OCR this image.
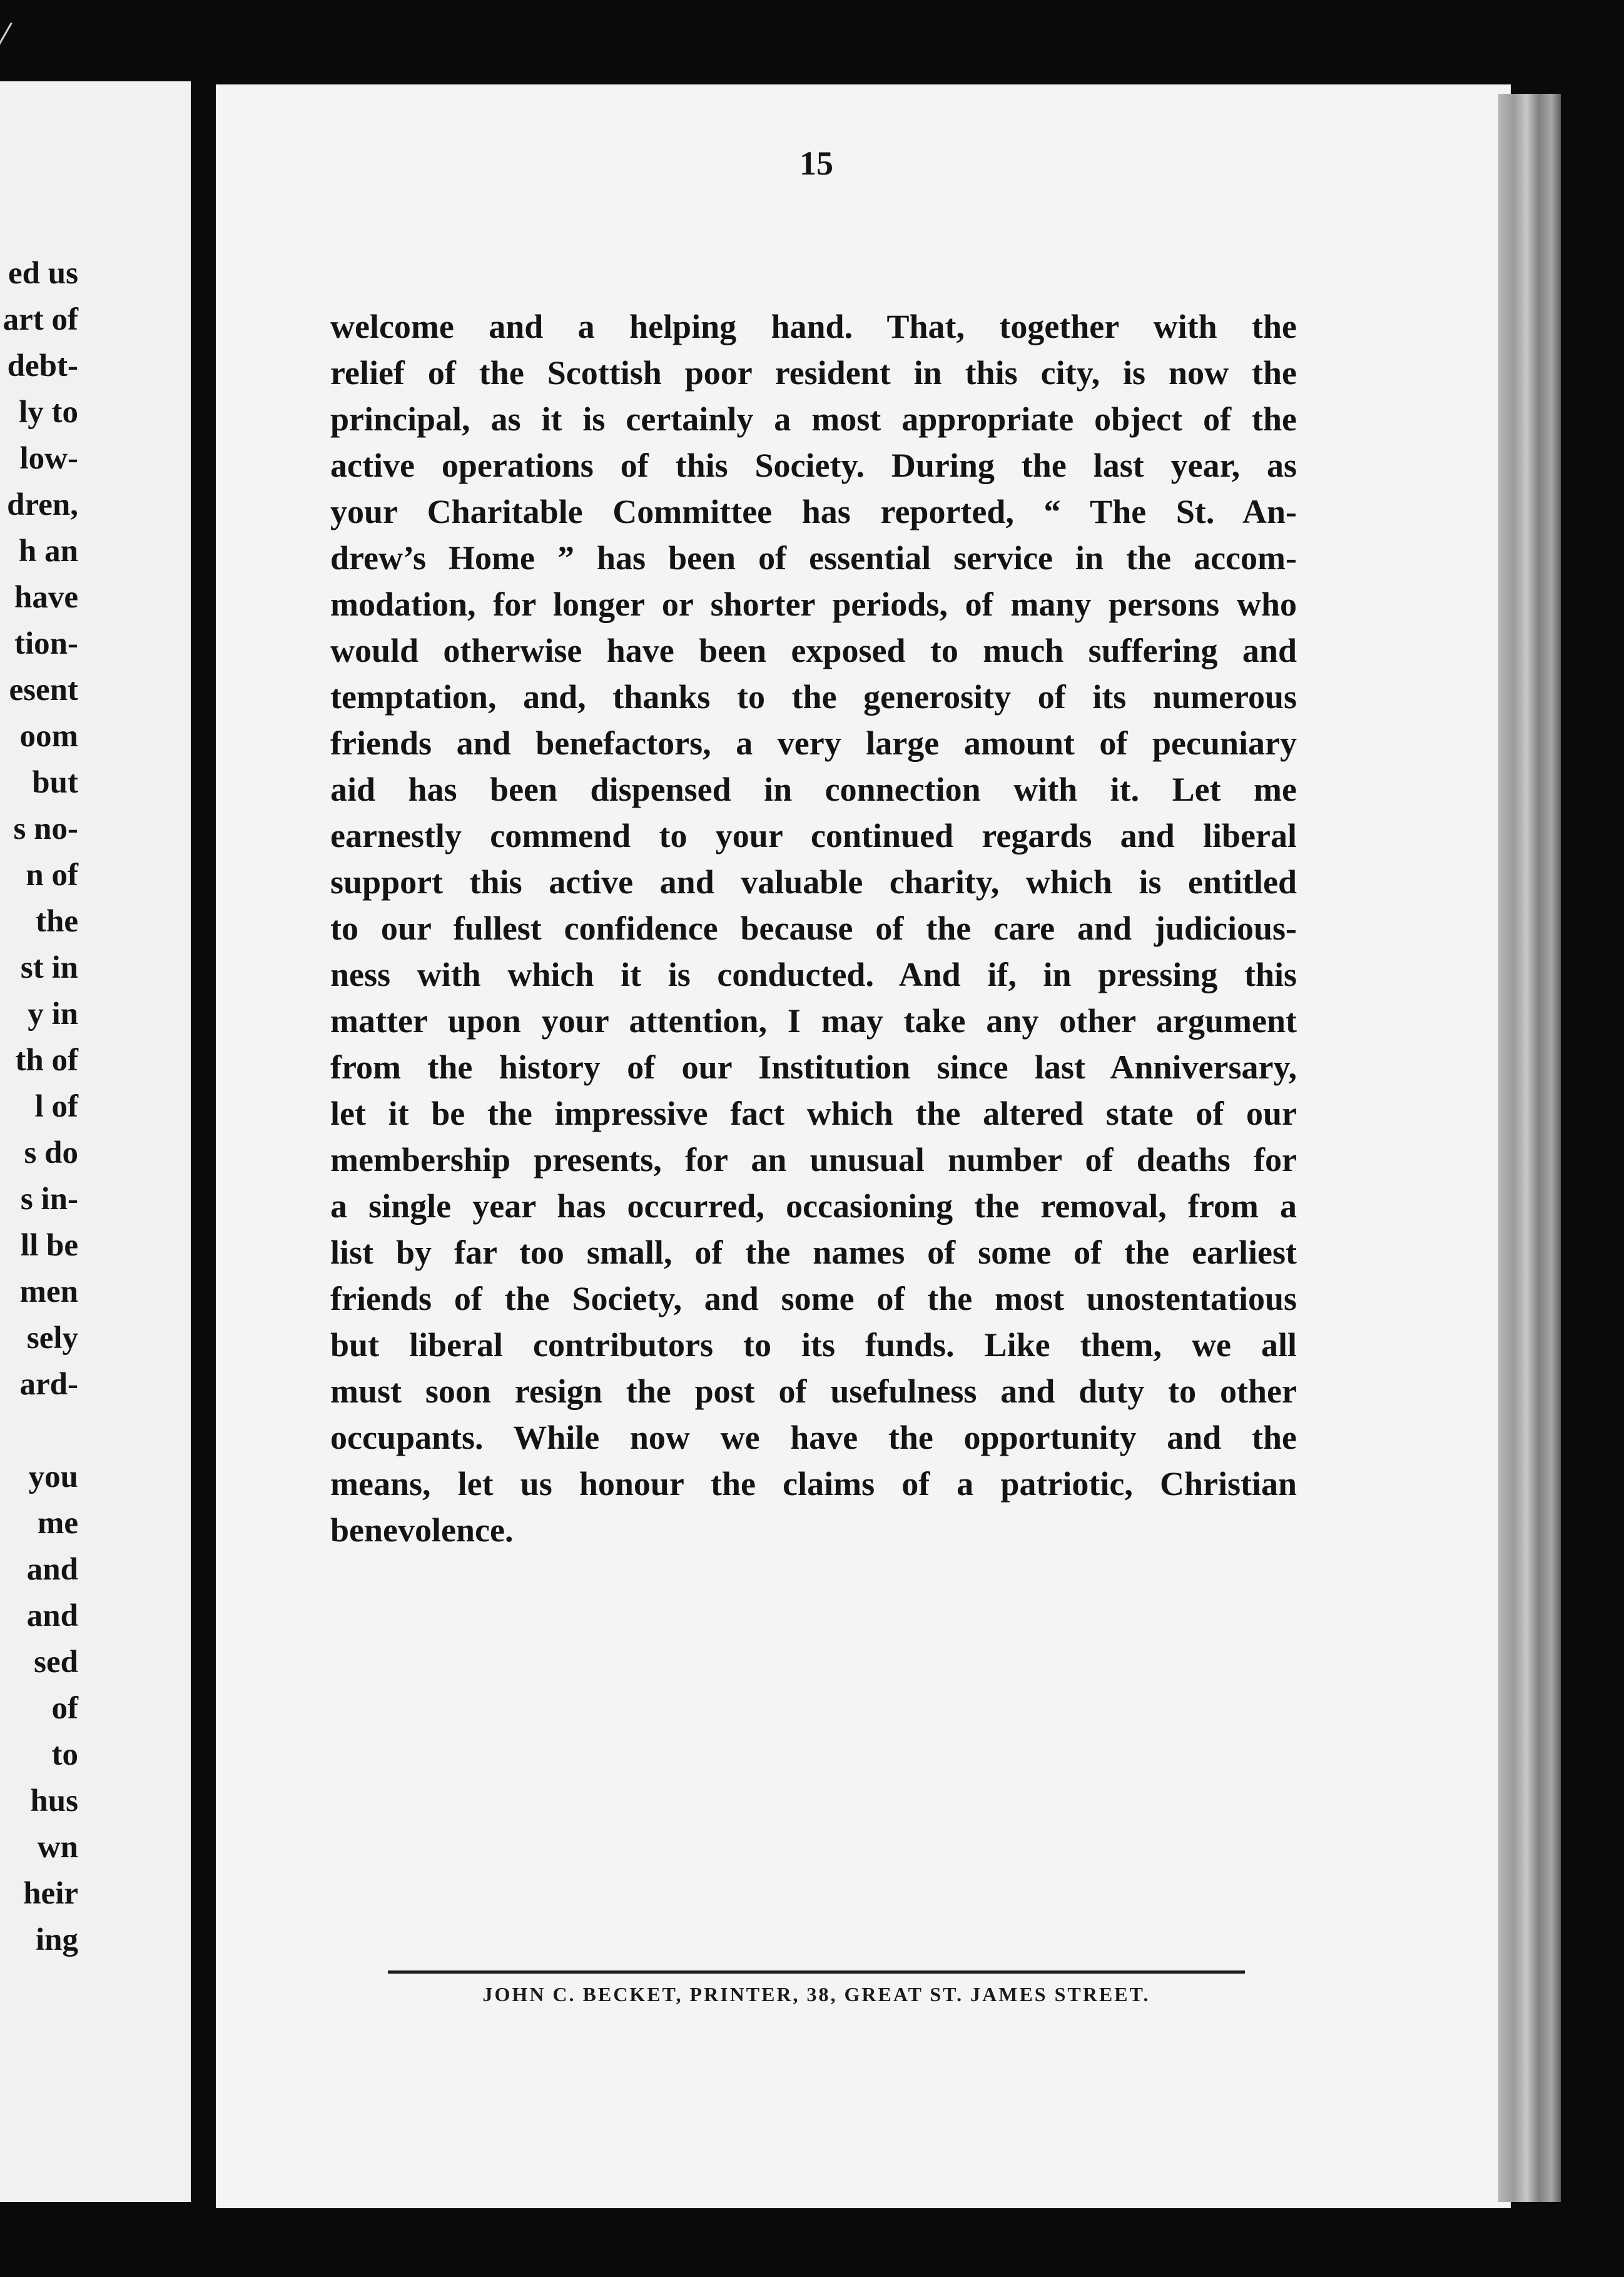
ed us
art of
debt-
ly to
low-
dren,
h an
have
tion-
esent
oom
but
s no-
n of
the
st in
y in
th of
l of
s do
s in-
ll be
men
sely
ard-
you
me
and
and
sed
of
to
hus
wn
heir
ing
15
welcome and a helping hand. That, together with the
relief of the Scottish poor resident in this city, is now the
principal, as it is certainly a most appropriate object of the
active operations of this Society. During the last year, as
your Charitable Committee has reported, “ The St. An-
drew’s Home ” has been of essential service in the accom-
modation, for longer or shorter periods, of many persons who
would otherwise have been exposed to much suffering and
temptation, and, thanks to the generosity of its numerous
friends and benefactors, a very large amount of pecuniary
aid has been dispensed in connection with it. Let me
earnestly commend to your continued regards and liberal
support this active and valuable charity, which is entitled
to our fullest confidence because of the care and judicious-
ness with which it is conducted. And if, in pressing this
matter upon your attention, I may take any other argument
from the history of our Institution since last Anniversary,
let it be the impressive fact which the altered state of our
membership presents, for an unusual number of deaths for
a single year has occurred, occasioning the removal, from a
list by far too small, of the names of some of the earliest
friends of the Society, and some of the most unostentatious
but liberal contributors to its funds. Like them, we all
must soon resign the post of usefulness and duty to other
occupants. While now we have the opportunity and the
means, let us honour the claims of a patriotic, Christian
benevolence.
JOHN C. BECKET, PRINTER, 38, GREAT ST. JAMES STREET.
